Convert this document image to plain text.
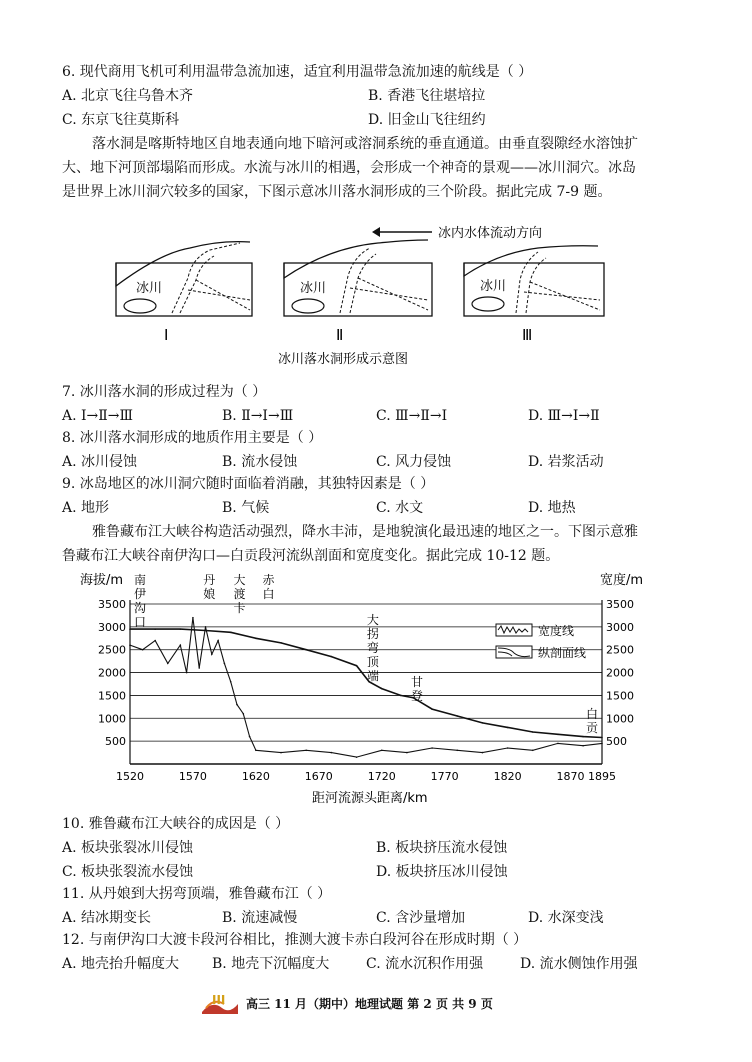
6. 现代商用飞机可利用温带急流加速，适宜利用温带急流加速的航线是（ ）
A. 北京飞往乌鲁木齐	B. 香港飞往堪培拉
C. 东京飞往莫斯科	D. 旧金山飞往纽约
落水洞是喀斯特地区自地表通向地下暗河或溶洞系统的垂直通道。由垂直裂隙经水溶蚀扩
大、地下河顶部塌陷而形成。水流与冰川的相遇，会形成一个神奇的景观——冰川洞穴。冰岛
是世界上冰川洞穴较多的国家，下图示意冰川落水洞形成的三个阶段。据此完成 7-9 题。
冰内水体流动方向
冰川
Ⅰ
冰川
Ⅱ
冰川
Ⅲ
冰川落水洞形成示意图
7. 冰川落水洞的形成过程为（ ）
A. Ⅰ→Ⅱ→Ⅲ	B. Ⅱ→Ⅰ→Ⅲ	C. Ⅲ→Ⅱ→Ⅰ	D. Ⅲ→Ⅰ→Ⅱ
8. 冰川落水洞形成的地质作用主要是（ ）
A. 冰川侵蚀	B. 流水侵蚀	C. 风力侵蚀	D. 岩浆活动
9. 冰岛地区的冰川洞穴随时面临着消融，其独特因素是（ ）
A. 地形	B. 气候	C. 水文	D. 地热
雅鲁藏布江大峡谷构造活动强烈，降水丰沛，是地貌演化最迅速的地区之一。下图示意雅
鲁藏布江大峡谷南伊沟口—白贡段河流纵剖面和宽度变化。据此完成 10-12 题。
500
1000
1500
2000
2500
3000
3500
500
1000
1500
2000
2500
3000
3500
1520	1570	1620	1670	1720	1770	1820	1870 1895
南伊沟口
丹娘
大渡卡
赤白
大拐弯顶端	甘登
白贡
海拔/m	宽度/m
距河流源头距离/km
宽度线
纵剖面线
10. 雅鲁藏布江大峡谷的成因是（ ）
A. 板块张裂冰川侵蚀	B. 板块挤压流水侵蚀
C. 板块张裂流水侵蚀	D. 板块挤压冰川侵蚀
11. 从丹娘到大拐弯顶端，雅鲁藏布江（ ）
A. 结冰期变长	B. 流速减慢	C. 含沙量增加	D. 水深变浅
12. 与南伊沟口大渡卡段河谷相比，推测大渡卡赤白段河谷在形成时期（ ）
A. 地壳抬升幅度大 B. 地壳下沉幅度大	C. 流水沉积作用强	D. 流水侧蚀作用强
III 高三 11 月（期中）地理试题 第 2 页 共 9 页
